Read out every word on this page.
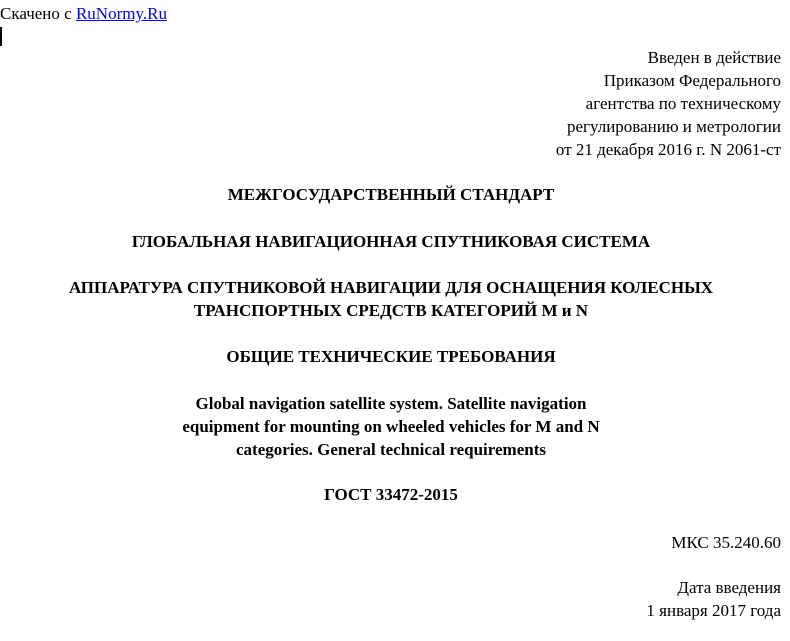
Скачено с RuNormy.Ru
Введен в действие
Приказом Федерального
агентства по техническому
регулированию и метрологии
от 21 декабря 2016 г. N 2061-ст
МЕЖГОСУДАРСТВЕННЫЙ СТАНДАРТ
ГЛОБАЛЬНАЯ НАВИГАЦИОННАЯ СПУТНИКОВАЯ СИСТЕМА
АППАРАТУРА СПУТНИКОВОЙ НАВИГАЦИИ ДЛЯ ОСНАЩЕНИЯ КОЛЕСНЫХ
ТРАНСПОРТНЫХ СРЕДСТВ КАТЕГОРИЙ М и N
ОБЩИЕ ТЕХНИЧЕСКИЕ ТРЕБОВАНИЯ
Global navigation satellite system. Satellite navigation
equipment for mounting on wheeled vehicles for M and N
categories. General technical requirements
ГОСТ 33472-2015
МКС 35.240.60
Дата введения
1 января 2017 года
